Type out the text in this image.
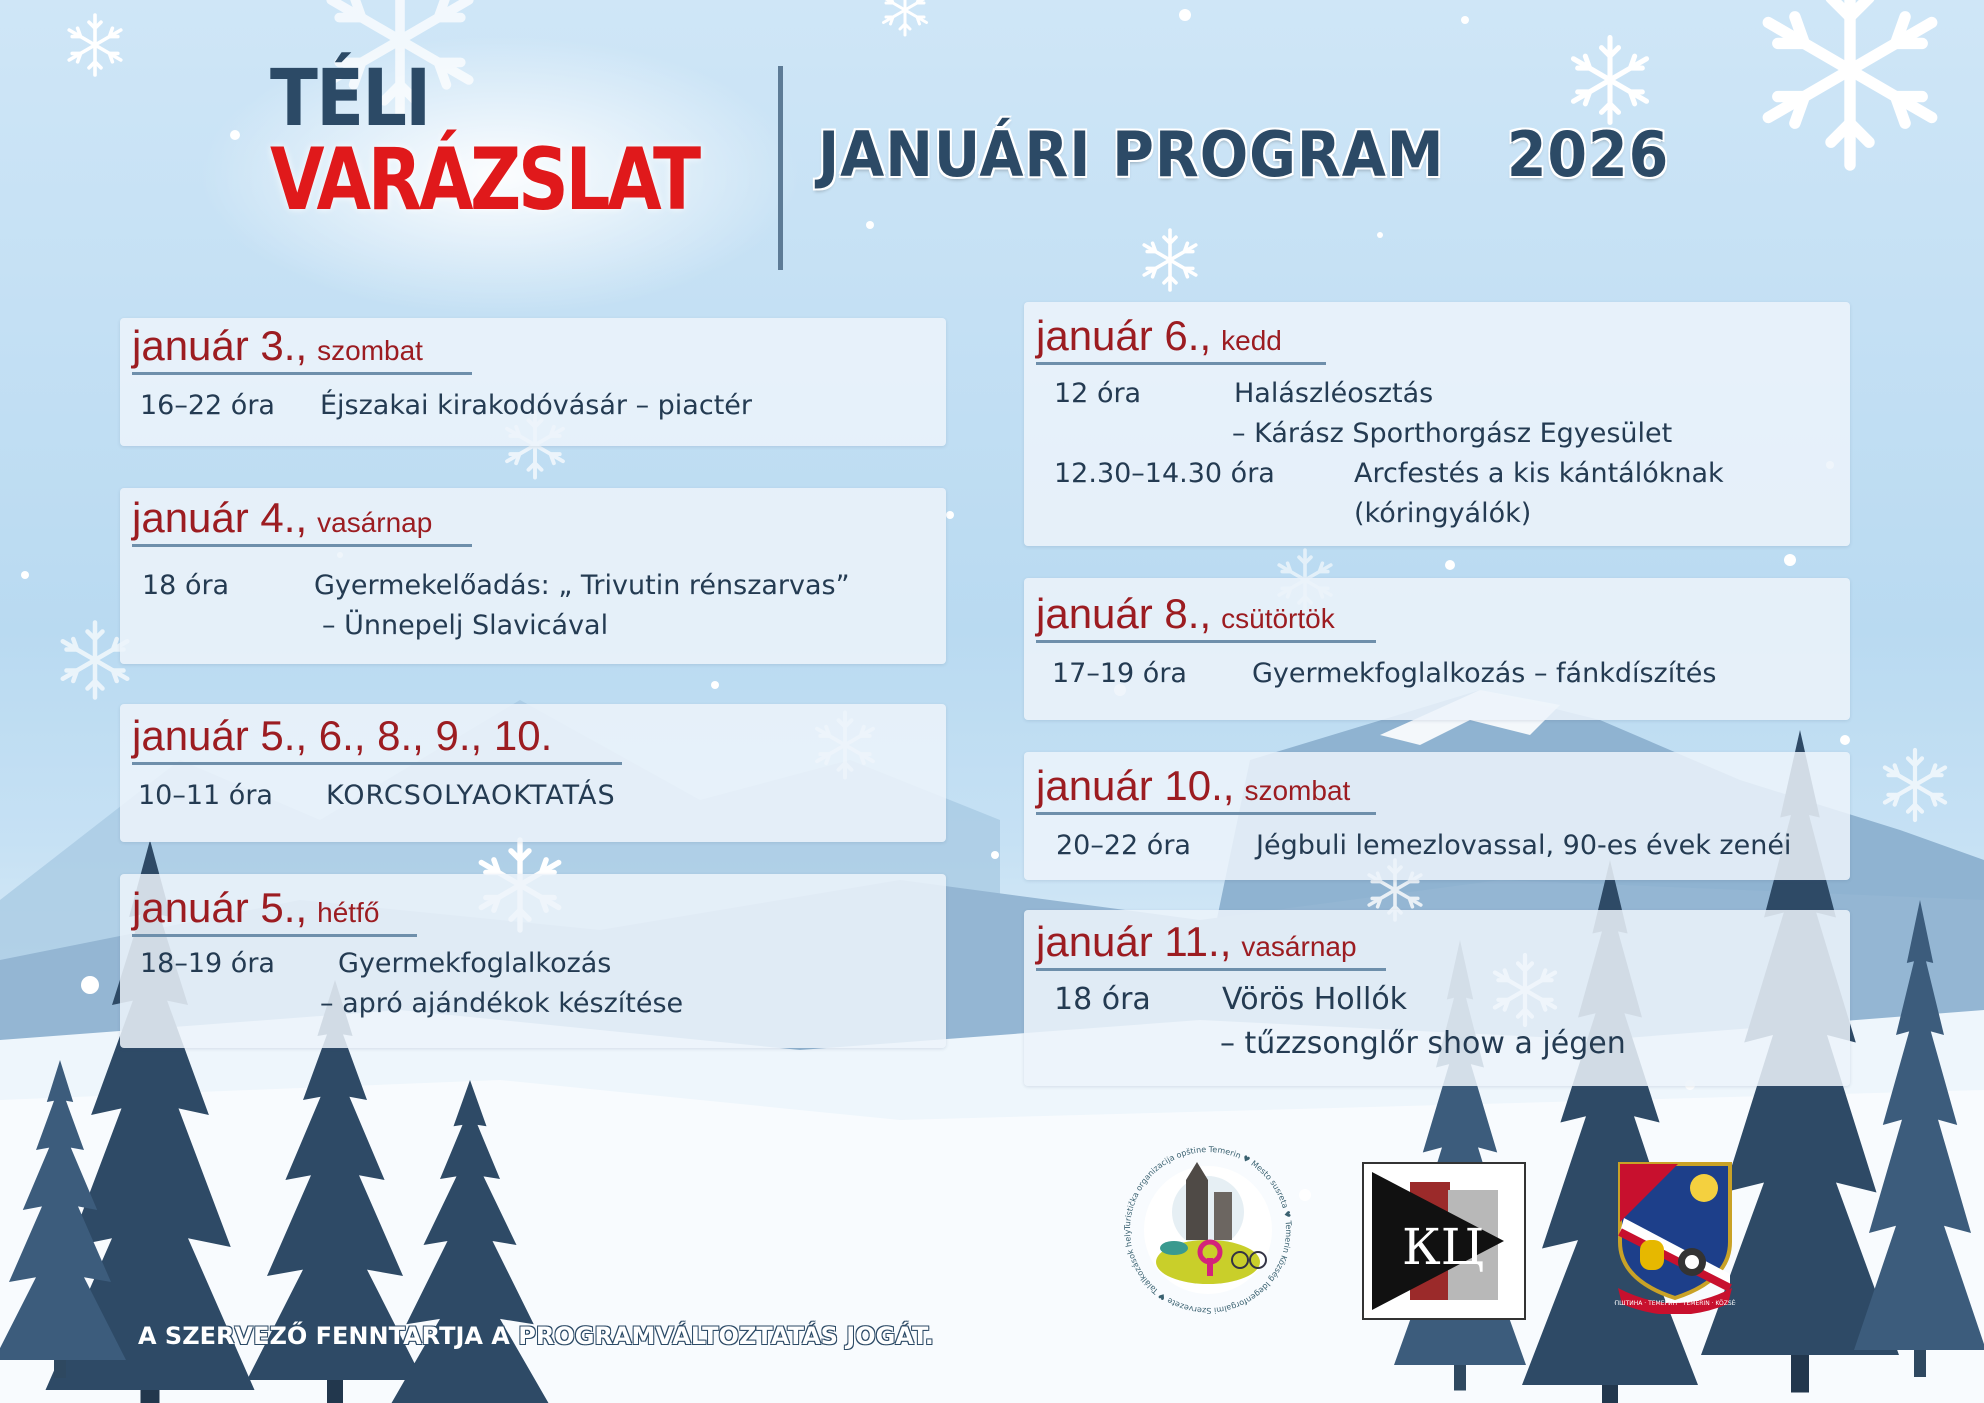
TÉLI
VARÁZSLAT JANUÁRI PROGRAM   2026
január 3., szombat
16–22 óra Éjszakai kirakodóvásár – piactér
január 4., vasárnap
18 óra	Gyermekelőadás: „ Trivutin rénszarvas”
– Ünnepelj Slavicával
január 5., 6., 8., 9., 10.
10–11 óra KORCSOLYAOKTATÁS
január 5., hétfő
18–19 óra Gyermekfoglalkozás
– apró ajándékok készítése
január 6., kedd
12 óra	Halászléosztás
– Kárász Sporthorgász Egyesület
12.30–14.30 óra	Arcfestés a kis kántálóknak
(kóringyálók)
január 8., csütörtök
17–19 óra Gyermekfoglalkozás – fánkdíszítés
január 10., szombat
20–22 óra Jégbuli lemezlovassal, 90-es évek zenéi
január 11., vasárnap
18 óra Vörös Hollók
– tűzzsonglőr show a jégen
A SZERVEZŐ FENNTARTJA A PROGRAMVÁLTOZTATÁS JOGÁT.
Turistička organizacija opštine Temerin ♥ Mesto susreta ♥ Temerin Község Idegenforgalmi Szervezete ♥ Találkozások hely	КЦ
ОПШТИНА · ТЕМЕРИН · TEMERIN · KÖZSÉG
